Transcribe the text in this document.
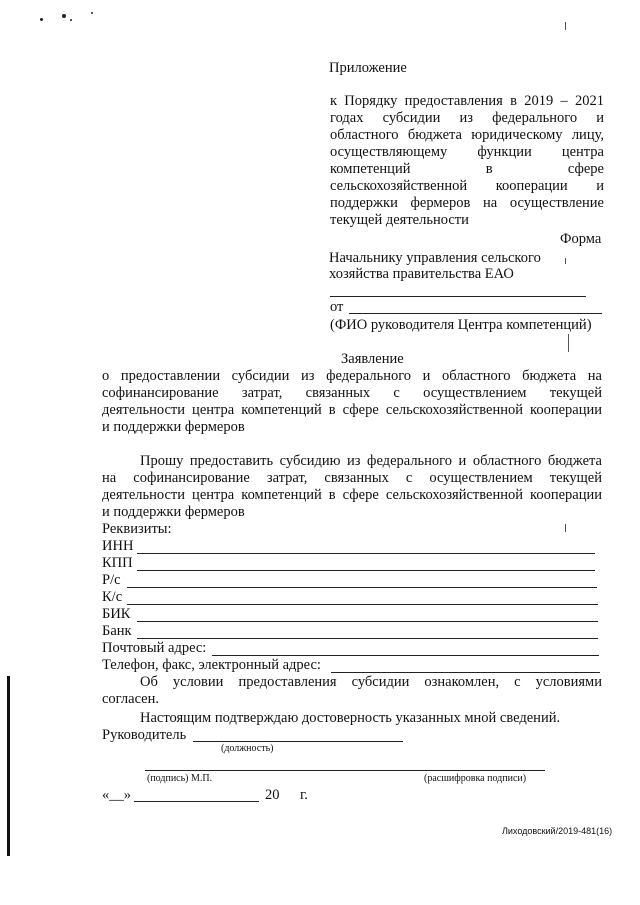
Приложение
к Порядку предоставления в 2019 – 2021
годах субсидии из федерального и
областного бюджета юридическому лицу,
осуществляющему функции центра
компетенций в сфере
сельскохозяйственной кооперации и
поддержки фермеров на осуществление
текущей деятельности
Форма
Начальнику управления сельского
хозяйства правительства ЕАО
от
(ФИО руководителя Центра компетенций)
Заявление
о предоставлении субсидии из федерального и областного бюджета на
софинансирование затрат, связанных с осуществлением текущей
деятельности центра компетенций в сфере сельскохозяйственной кооперации
и поддержки фермеров
Прошу предоставить субсидию из федерального и областного бюджета
на софинансирование затрат, связанных с осуществлением текущей
деятельности центра компетенций в сфере сельскохозяйственной кооперации
и поддержки фермеров
Реквизиты:
ИНН
КПП
Р/с
К/с
БИК
Банк
Почтовый адрес:
Телефон, факс, электронный адрес:
Об условии предоставления субсидии ознакомлен, с условиями
согласен.
Настоящим подтверждаю достоверность указанных мной сведений.
Руководитель
(должность)
(подпись) М.П.	(расшифровка подписи)
«__»	20 г.
Лиходовский/2019-481(16)
